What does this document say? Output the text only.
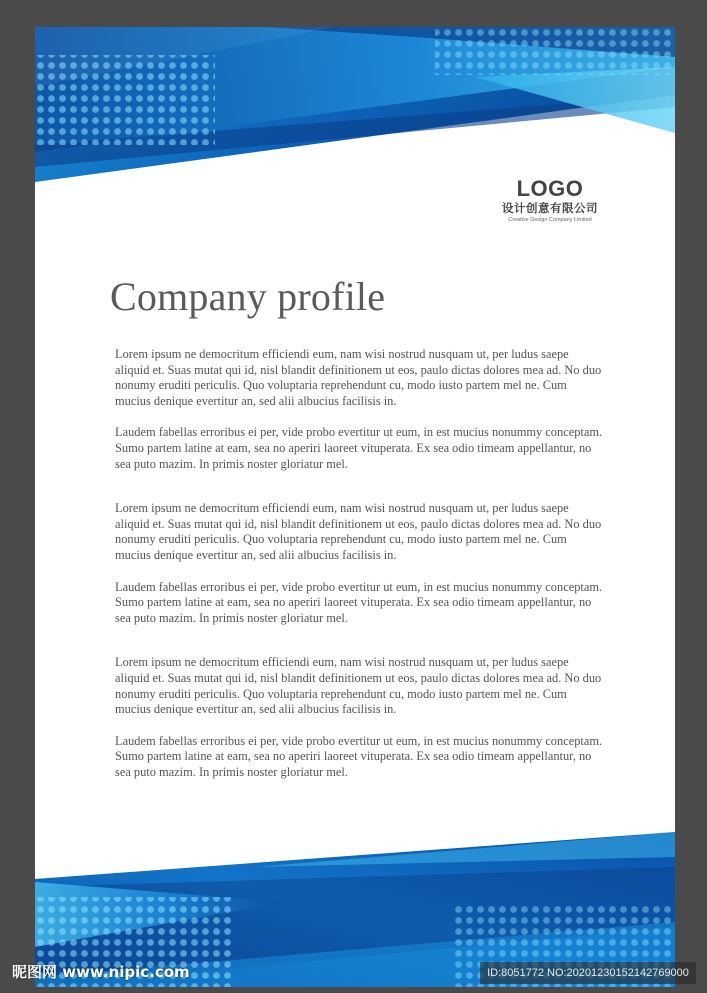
LOGO
设计创意有限公司
Creative Design Company Limited
Company profile

Lorem ipsum ne democritum efficiendi eum, nam wisi nostrud nusquam ut, per ludus saepe aliquid et. Suas mutat qui id, nisl blandit definitionem ut eos, paulo dictas dolores mea ad. No duo nonumy eruditi periculis. Quo voluptaria reprehendunt cu, modo iusto partem mel ne. Cum mucius denique evertitur an, sed alii albucius facilisis in.

Laudem fabellas erroribus ei per, vide probo evertitur ut eum, in est mucius nonummy conceptam. Sumo partem latine at eam, sea no aperiri laoreet vituperata. Ex sea odio timeam appellantur, no sea puto mazim. In primis noster gloriatur mel.

Lorem ipsum ne democritum efficiendi eum, nam wisi nostrud nusquam ut, per ludus saepe aliquid et. Suas mutat qui id, nisl blandit definitionem ut eos, paulo dictas dolores mea ad. No duo nonumy eruditi periculis. Quo voluptaria reprehendunt cu, modo iusto partem mel ne. Cum mucius denique evertitur an, sed alii albucius facilisis in.

Laudem fabellas erroribus ei per, vide probo evertitur ut eum, in est mucius nonummy conceptam. Sumo partem latine at eam, sea no aperiri laoreet vituperata. Ex sea odio timeam appellantur, no sea puto mazim. In primis noster gloriatur mel.

Lorem ipsum ne democritum efficiendi eum, nam wisi nostrud nusquam ut, per ludus saepe aliquid et. Suas mutat qui id, nisl blandit definitionem ut eos, paulo dictas dolores mea ad. No duo nonumy eruditi periculis. Quo voluptaria reprehendunt cu, modo iusto partem mel ne. Cum mucius denique evertitur an, sed alii albucius facilisis in.

Laudem fabellas erroribus ei per, vide probo evertitur ut eum, in est mucius nonummy conceptam. Sumo partem latine at eam, sea no aperiri laoreet vituperata. Ex sea odio timeam appellantur, no sea puto mazim. In primis noster gloriatur mel.

昵图网 www.nipic.com	ID:8051772 NO:20201230152142769000
